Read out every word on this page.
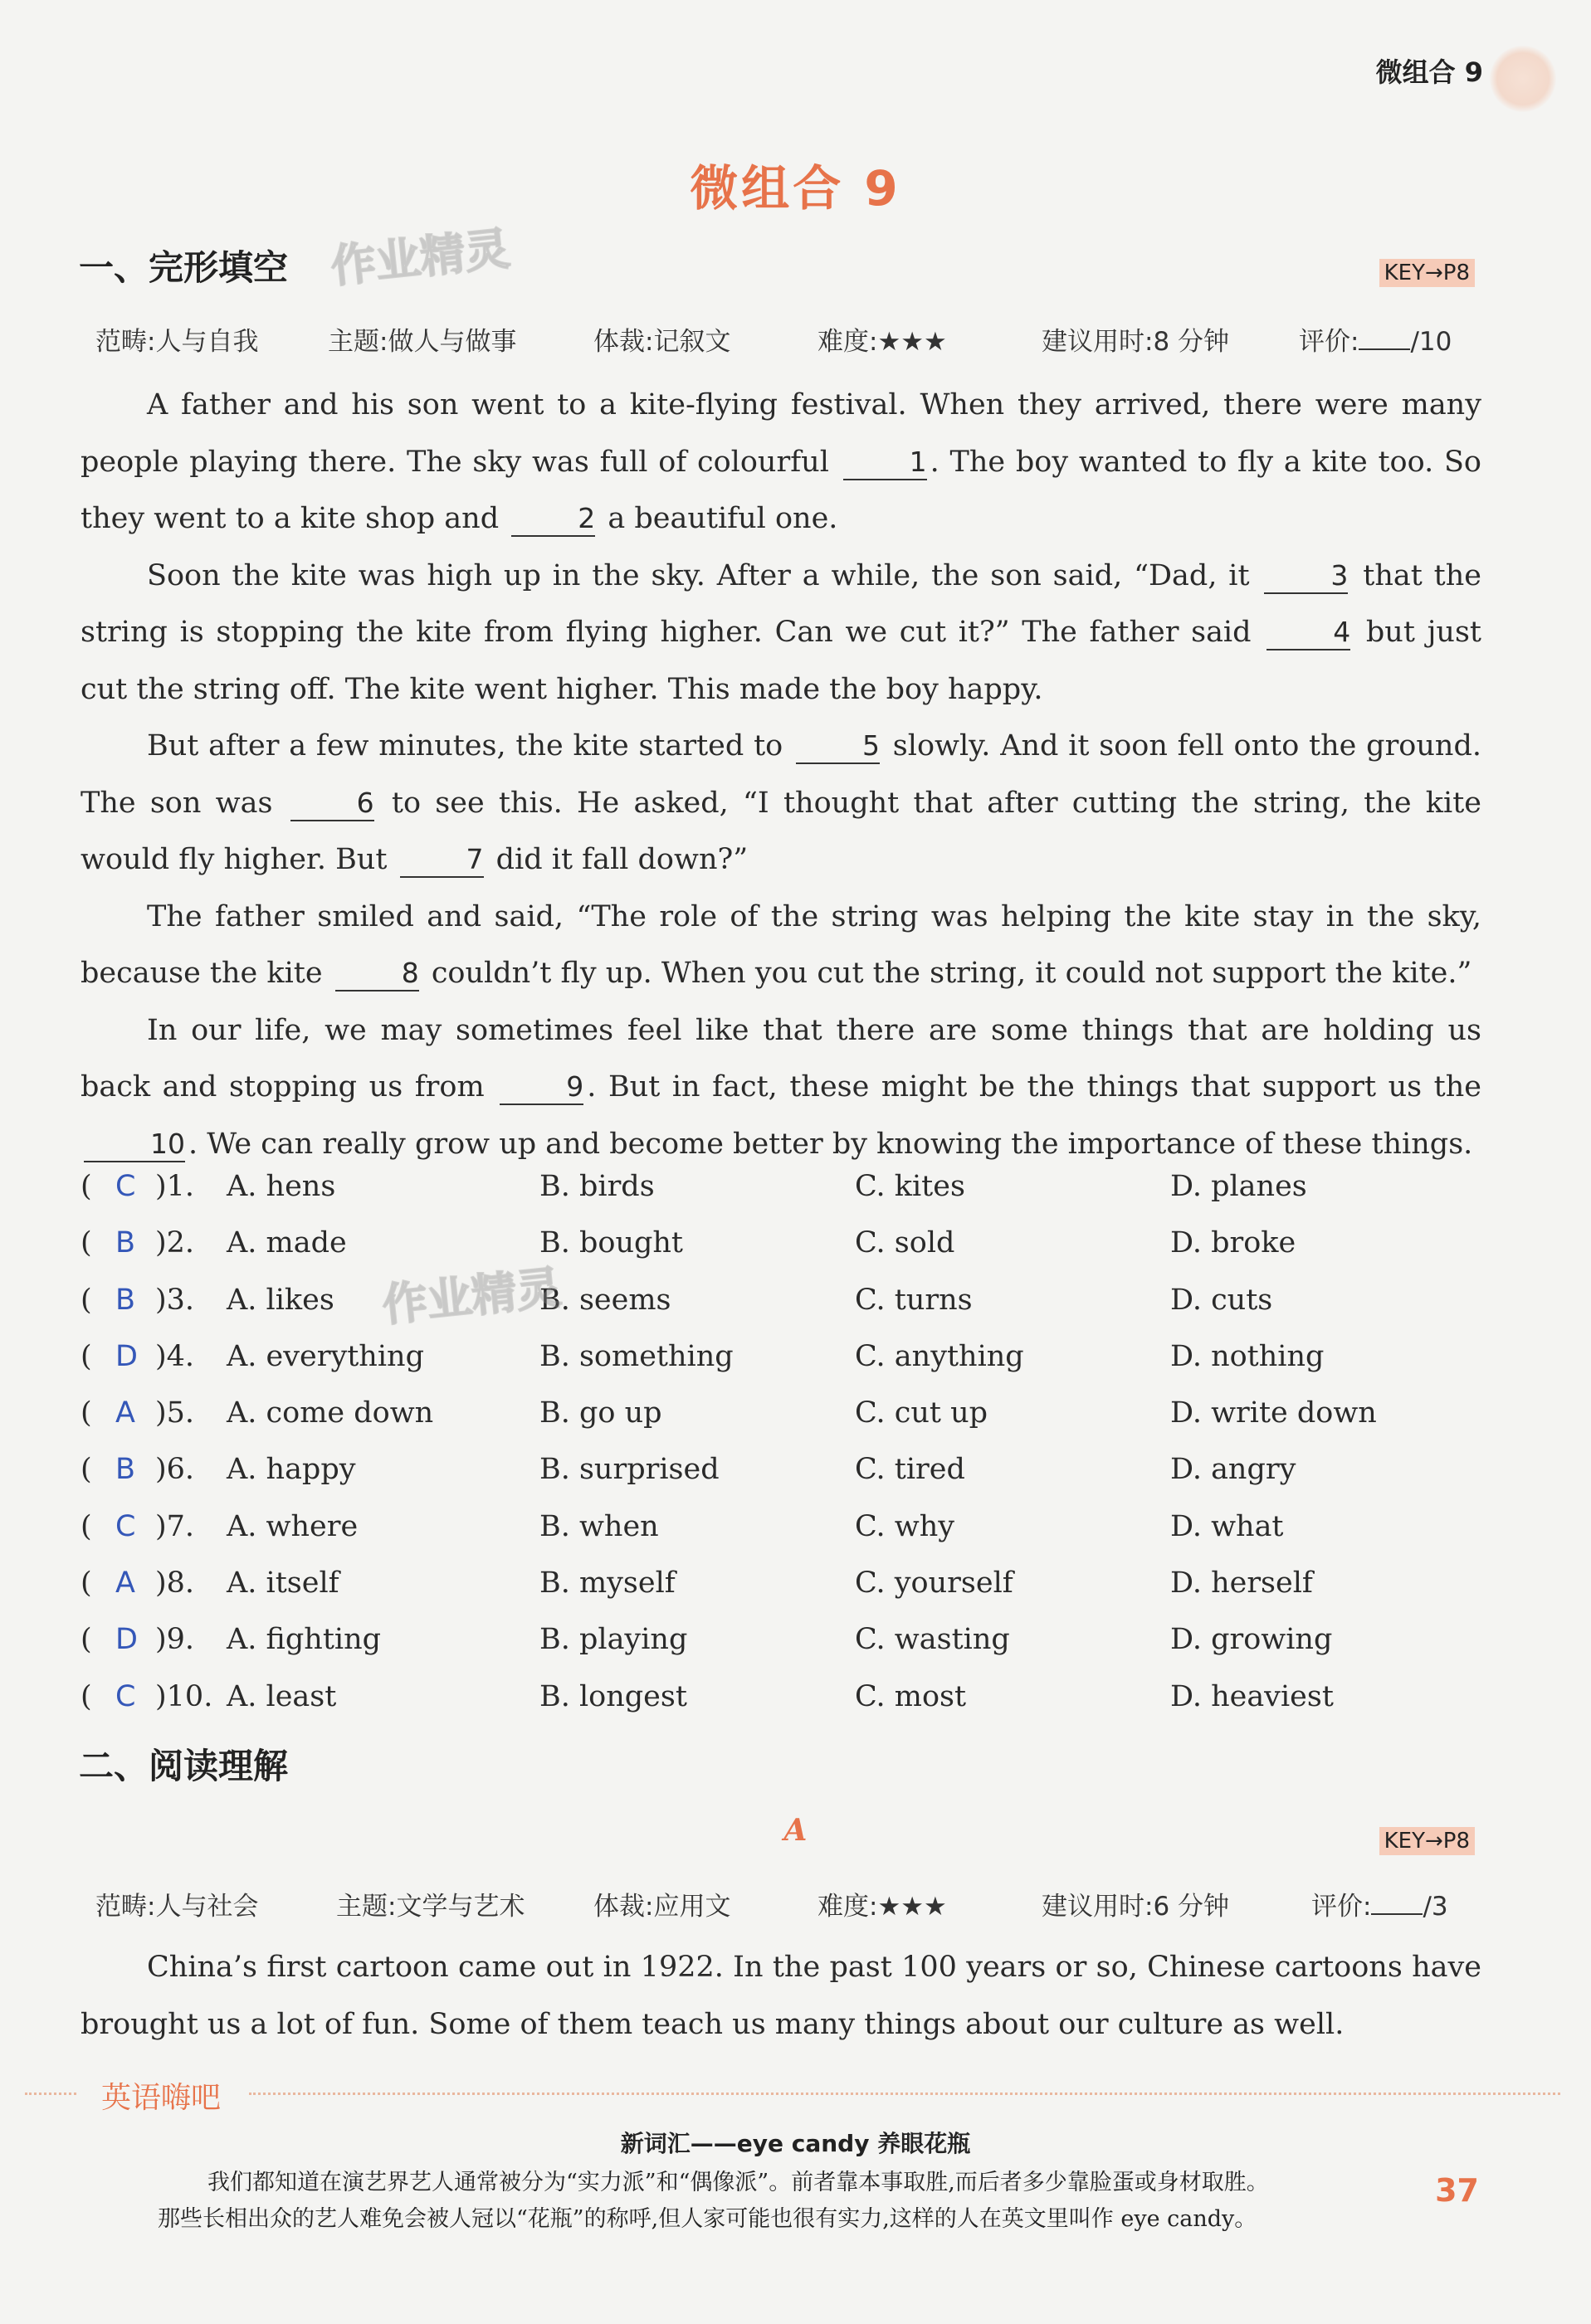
微组合 9
微组合 9
一、完形填空 作业精灵	KEY→P8
范畴:人与自我	主题:做人与做事	体裁:记叙文	难度:★★★	建议用时:8 分钟	评价: /10

A father and his son went to a kite-flying festival. When they arrived, there were many people playing there. The sky was full of colourful	1 . The boy wanted to fly a kite too. So they went to a kite shop and	2 a beautiful one.

Soon the kite was high up in the sky. After a while, the son said, “Dad, it	3 that the string is stopping the kite from flying higher. Can we cut it?” The father said	4 but just cut the string off. The kite went higher. This made the boy happy.

But after a few minutes, the kite started to	5 slowly. And it soon fell onto the ground. The son was	6 to see this. He asked, “I thought that after cutting the string, the kite would fly higher. But	7 did it fall down?”

The father smiled and said, “The role of the string was helping the kite stay in the sky, because the kite	8 couldn’t fly up. When you cut the string, it could not support the kite.”

In our life, we may sometimes feel like that there are some things that are holding us back and stopping us from	9 . But in fact, these might be the things that support us the 10 . We can really grow up and become better by knowing the importance of these things.

( C )1. A. hens	B. birds	C. kites	D. planes
( B )2. A. made	B. bought	C. sold	D. broke
( B )3. A. likes	B. seems	C. turns	D. cuts
( D )4. A. everything	B. something	C. anything	D. nothing
( A )5. A. come down	B. go up	C. cut up	D. write down
( B )6. A. happy	B. surprised	C. tired	D. angry
( C )7. A. where	B. when	C. why	D. what
( A )8. A. itself	B. myself	C. yourself	D. herself
( D )9. A. fighting	B. playing	C. wasting	D. growing
( C )10. A. least	B. longest	C. most	D. heaviest
二、阅读理解
作业精灵
A	KEY→P8
范畴:人与社会	主题:文学与艺术	体裁:应用文	难度:★★★	建议用时:6 分钟	评价: /3

China’s first cartoon came out in 1922. In the past 100 years or so, Chinese cartoons have brought us a lot of fun. Some of them teach us many things about our culture as well.

英语嗨吧
新词汇——eye candy 养眼花瓶
我们都知道在演艺界艺人通常被分为“实力派”和“偶像派”。前者靠本事取胜,而后者多少靠脸蛋或身材取胜。
那些长相出众的艺人难免会被人冠以“花瓶”的称呼,但人家可能也很有实力,这样的人在英文里叫作 eye candy。
37
